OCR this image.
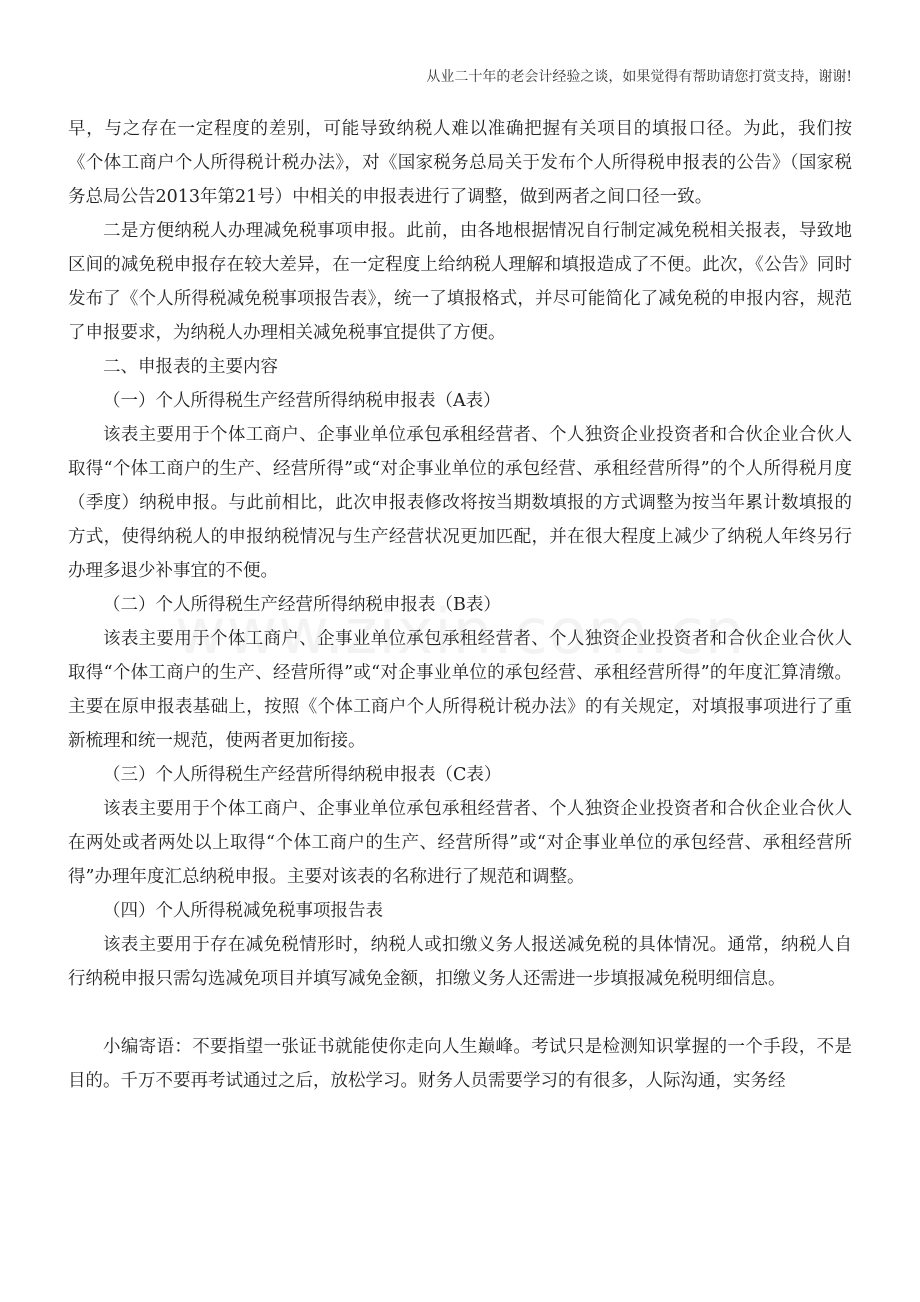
从业二十年的老会计经验之谈，如果觉得有帮助请您打赏支持，谢谢!

早，与之存在一定程度的差别，可能导致纳税人难以准确把握有关项目的填报口径。为此，我们按《个体工商户个人所得税计税办法》，对《国家税务总局关于发布个人所得税申报表的公告》（国家税务总局公告2013年第21号）中相关的申报表进行了调整，做到两者之间口径一致。

二是方便纳税人办理减免税事项申报。此前，由各地根据情况自行制定减免税相关报表，导致地区间的减免税申报存在较大差异，在一定程度上给纳税人理解和填报造成了不便。此次，《公告》同时发布了《个人所得税减免税事项报告表》，统一了填报格式，并尽可能简化了减免税的申报内容，规范了申报要求，为纳税人办理相关减免税事宜提供了方便。

二、申报表的主要内容

（一）个人所得税生产经营所得纳税申报表（A表）

该表主要用于个体工商户、企事业单位承包承租经营者、个人独资企业投资者和合伙企业合伙人取得“个体工商户的生产、经营所得”或“对企事业单位的承包经营、承租经营所得”的个人所得税月度（季度）纳税申报。与此前相比，此次申报表修改将按当期数填报的方式调整为按当年累计数填报的方式，使得纳税人的申报纳税情况与生产经营状况更加匹配，并在很大程度上减少了纳税人年终另行办理多退少补事宜的不便。

（二）个人所得税生产经营所得纳税申报表（B表）

该表主要用于个体工商户、企事业单位承包承租经营者、个人独资企业投资者和合伙企业合伙人取得“个体工商户的生产、经营所得”或“对企事业单位的承包经营、承租经营所得”的年度汇算清缴。主要在原申报表基础上，按照《个体工商户个人所得税计税办法》的有关规定，对填报事项进行了重新梳理和统一规范，使两者更加衔接。

（三）个人所得税生产经营所得纳税申报表（C表）

该表主要用于个体工商户、企事业单位承包承租经营者、个人独资企业投资者和合伙企业合伙人在两处或者两处以上取得“个体工商户的生产、经营所得”或“对企事业单位的承包经营、承租经营所得”办理年度汇总纳税申报。主要对该表的名称进行了规范和调整。

（四）个人所得税减免税事项报告表

该表主要用于存在减免税情形时，纳税人或扣缴义务人报送减免税的具体情况。通常，纳税人自行纳税申报只需勾选减免项目并填写减免金额，扣缴义务人还需进一步填报减免税明细信息。

小编寄语：不要指望一张证书就能使你走向人生巅峰。考试只是检测知识掌握的一个手段，不是目的。千万不要再考试通过之后，放松学习。财务人员需要学习的有很多，人际沟通，实务经
